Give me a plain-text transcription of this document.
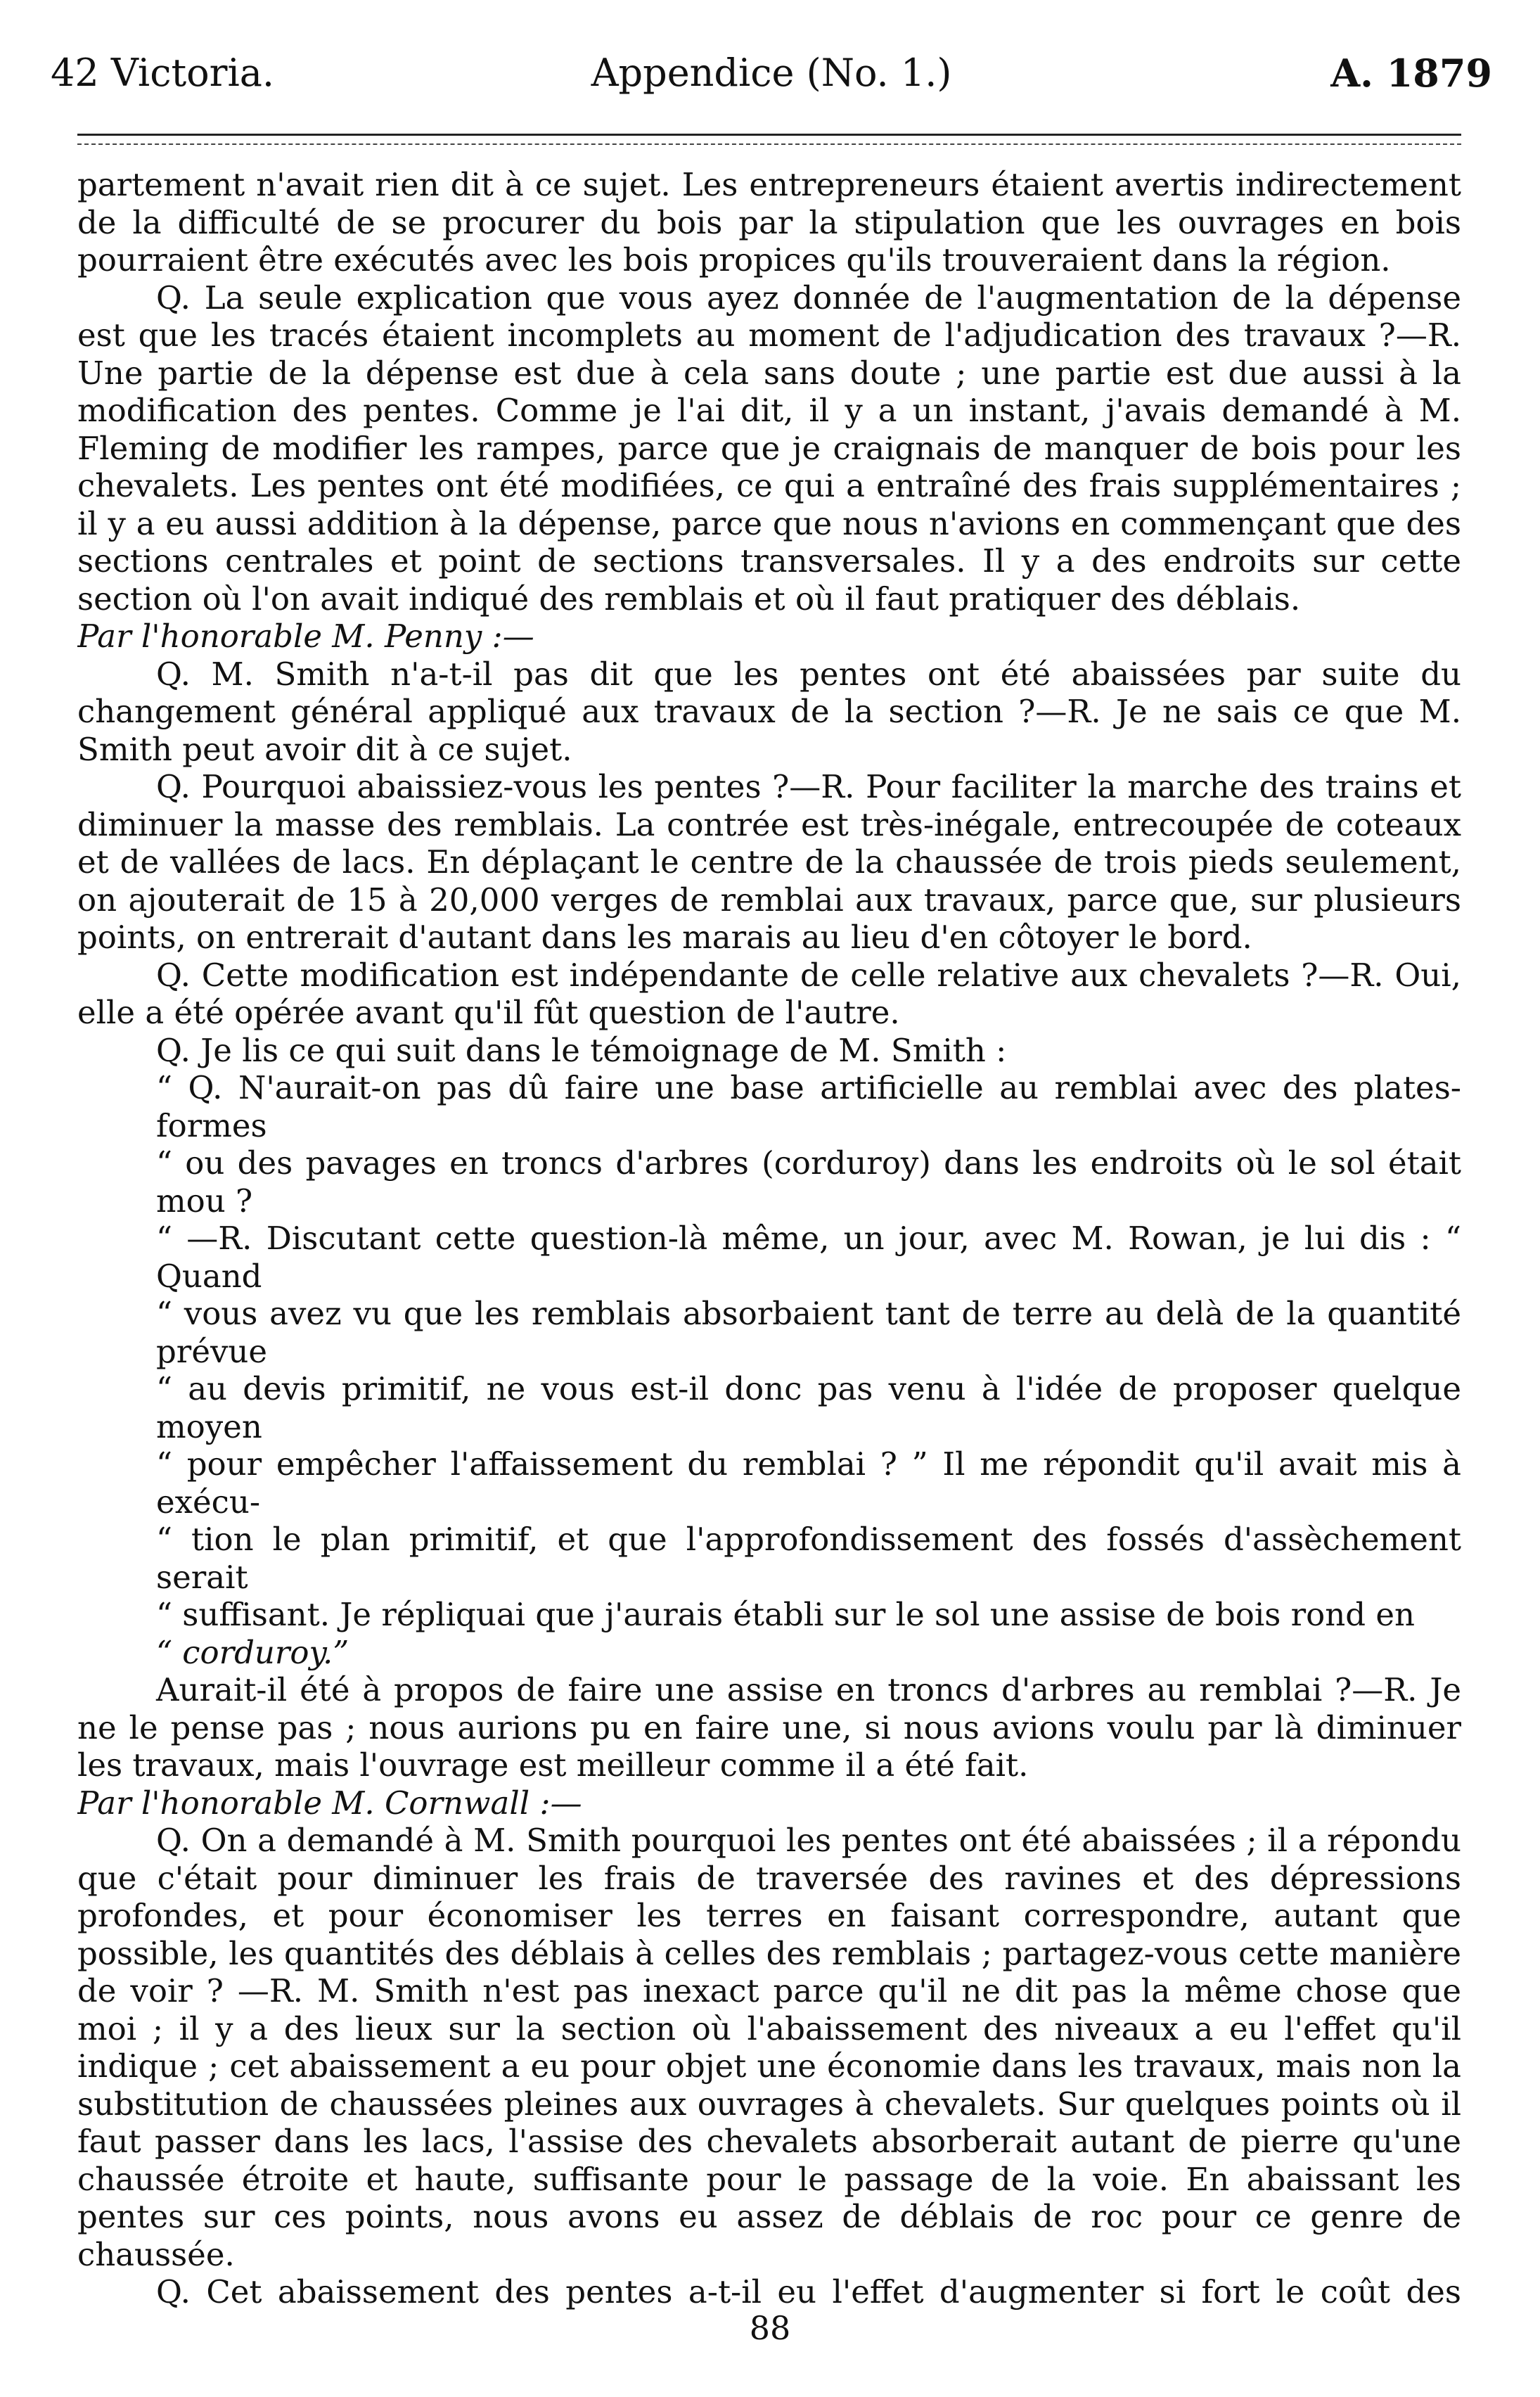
42 Victoria.	Appendice (No. 1.)	A. 1879

partement n'avait rien dit à ce sujet. Les entrepreneurs étaient avertis indirectement de la difficulté de se procurer du bois par la stipulation que les ouvrages en bois pourraient être exécutés avec les bois propices qu'ils trouveraient dans la région.

Q. La seule explication que vous ayez donnée de l'augmentation de la dépense est que les tracés étaient incomplets au moment de l'adjudication des travaux ?—R. Une partie de la dépense est due à cela sans doute ; une partie est due aussi à la modification des pentes. Comme je l'ai dit, il y a un instant, j'avais demandé à M. Fleming de modifier les rampes, parce que je craignais de manquer de bois pour les chevalets. Les pentes ont été modifiées, ce qui a entraîné des frais supplémentaires ; il y a eu aussi addition à la dépense, parce que nous n'avions en commençant que des sections centrales et point de sections transversales. Il y a des endroits sur cette section où l'on avait indiqué des remblais et où il faut pratiquer des déblais.

Par l'honorable M. Penny :—

Q. M. Smith n'a-t-il pas dit que les pentes ont été abaissées par suite du changement général appliqué aux travaux de la section ?—R. Je ne sais ce que M. Smith peut avoir dit à ce sujet.

Q. Pourquoi abaissiez-vous les pentes ?—R. Pour faciliter la marche des trains et diminuer la masse des remblais. La contrée est très-inégale, entrecoupée de coteaux et de vallées de lacs. En déplaçant le centre de la chaussée de trois pieds seulement, on ajouterait de 15 à 20,000 verges de remblai aux travaux, parce que, sur plusieurs points, on entrerait d'autant dans les marais au lieu d'en côtoyer le bord.

Q. Cette modification est indépendante de celle relative aux chevalets ?—R. Oui, elle a été opérée avant qu'il fût question de l'autre.

Q. Je lis ce qui suit dans le témoignage de M. Smith :

“ Q. N'aurait-on pas dû faire une base artificielle au remblai avec des plates-formes

“ ou des pavages en troncs d'arbres (corduroy) dans les endroits où le sol était mou ?

“ —R. Discutant cette question-là même, un jour, avec M. Rowan, je lui dis : “ Quand

“ vous avez vu que les remblais absorbaient tant de terre au delà de la quantité prévue

“ au devis primitif, ne vous est-il donc pas venu à l'idée de proposer quelque moyen

“ pour empêcher l'affaissement du remblai ? ” Il me répondit qu'il avait mis à exécu-

“ tion le plan primitif, et que l'approfondissement des fossés d'assèchement serait

“ suffisant. Je répliquai que j'aurais établi sur le sol une assise de bois rond en

“ corduroy.”

Aurait-il été à propos de faire une assise en troncs d'arbres au remblai ?—R. Je ne le pense pas ; nous aurions pu en faire une, si nous avions voulu par là diminuer les travaux, mais l'ouvrage est meilleur comme il a été fait.

Par l'honorable M. Cornwall :—

Q. On a demandé à M. Smith pourquoi les pentes ont été abaissées ; il a répondu que c'était pour diminuer les frais de traversée des ravines et des dépressions profondes, et pour économiser les terres en faisant correspondre, autant que possible, les quantités des déblais à celles des remblais ; partagez-vous cette manière de voir ? —R. M. Smith n'est pas inexact parce qu'il ne dit pas la même chose que moi ; il y a des lieux sur la section où l'abaissement des niveaux a eu l'effet qu'il indique ; cet abaissement a eu pour objet une économie dans les travaux, mais non la substitution de chaussées pleines aux ouvrages à chevalets. Sur quelques points où il faut passer dans les lacs, l'assise des chevalets absorberait autant de pierre qu'une chaussée étroite et haute, suffisante pour le passage de la voie. En abaissant les pentes sur ces points, nous avons eu assez de déblais de roc pour ce genre de chaussée.

Q. Cet abaissement des pentes a-t-il eu l'effet d'augmenter si fort le coût des

88
